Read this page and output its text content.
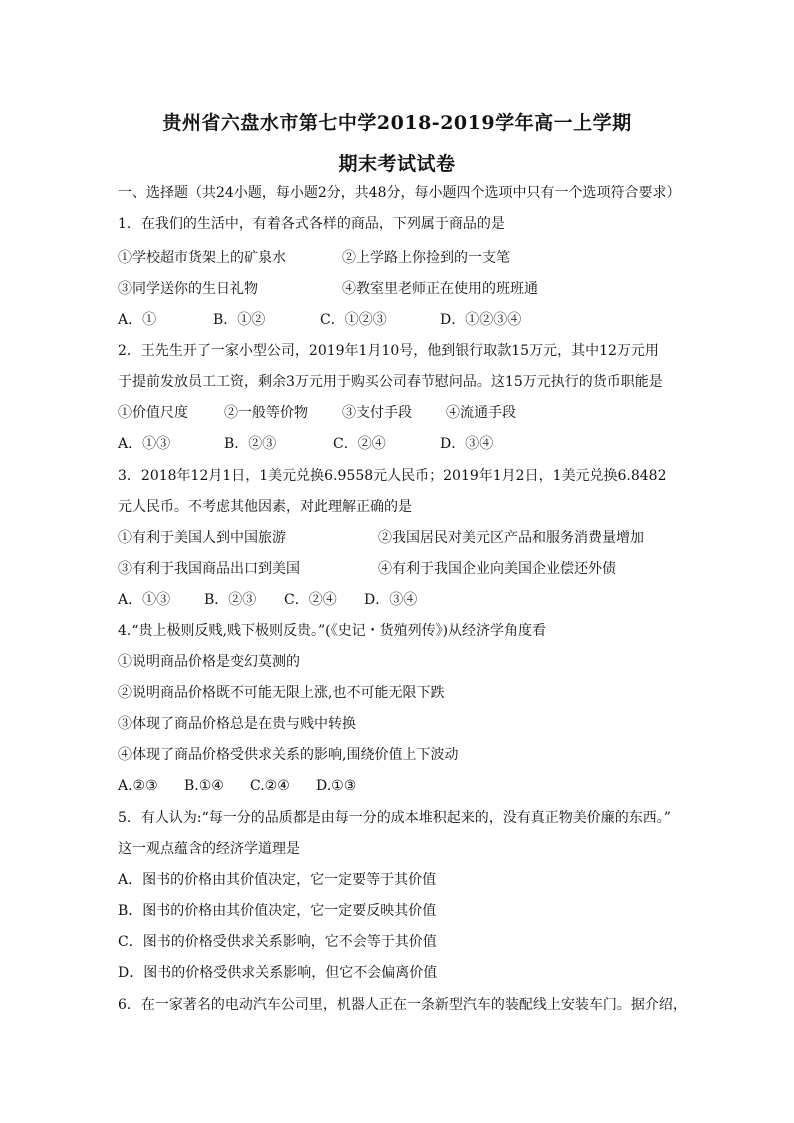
贵州省六盘水市第七中学2018-2019学年高一上学期
期末考试试卷

一、选择题（共24小题，每小题2分，共48分，每小题四个选项中只有一个选项符合要求）

1．在我们的生活中，有着各式各样的商品，下列属于商品的是

①学校超市货架上的矿泉水	②上学路上你捡到的一支笔

③同学送你的生日礼物	④教室里老师正在使用的班班通

A．①	B．①②	C．①②③	D．①②③④

2．王先生开了一家小型公司，2019年1月10号，他到银行取款15万元，其中12万元用

于提前发放员工工资，剩余3万元用于购买公司春节慰问品。这15万元执行的货币职能是

①价值尺度	②一般等价物 ③支付手段 ④流通手段

A．①③	B．②③	C．②④	D．③④

3．2018年12月1日，1美元兑换6.9558元人民币；2019年1月2日，1美元兑换6.8482

元人民币。不考虑其他因素，对此理解正确的是

①有利于美国人到中国旅游	②我国居民对美元区产品和服务消费量增加

③有利于我国商品出口到美国	④有利于我国企业向美国企业偿还外债

A．①③ B．②③ C．②④ D．③④

4.“贵上极则反贱,贱下极则反贵。”(《史记・货殖列传》)从经济学角度看

①说明商品价格是变幻莫测的

②说明商品价格既不可能无限上涨,也不可能无限下跌

③体现了商品价格总是在贵与贱中转换

④体现了商品价格受供求关系的影响,围绕价值上下波动

A.②③ B.①④ C.②④ D.①③

5．有人认为:“每一分的品质都是由每一分的成本堆积起来的，没有真正物美价廉的东西。”

这一观点蕴含的经济学道理是

A．图书的价格由其价值决定，它一定要等于其价值

B．图书的价格由其价值决定，它一定要反映其价值

C．图书的价格受供求关系影响，它不会等于其价值

D．图书的价格受供求关系影响，但它不会偏离价值

6．在一家著名的电动汽车公司里，机器人正在一条新型汽车的装配线上安装车门。据介绍，
